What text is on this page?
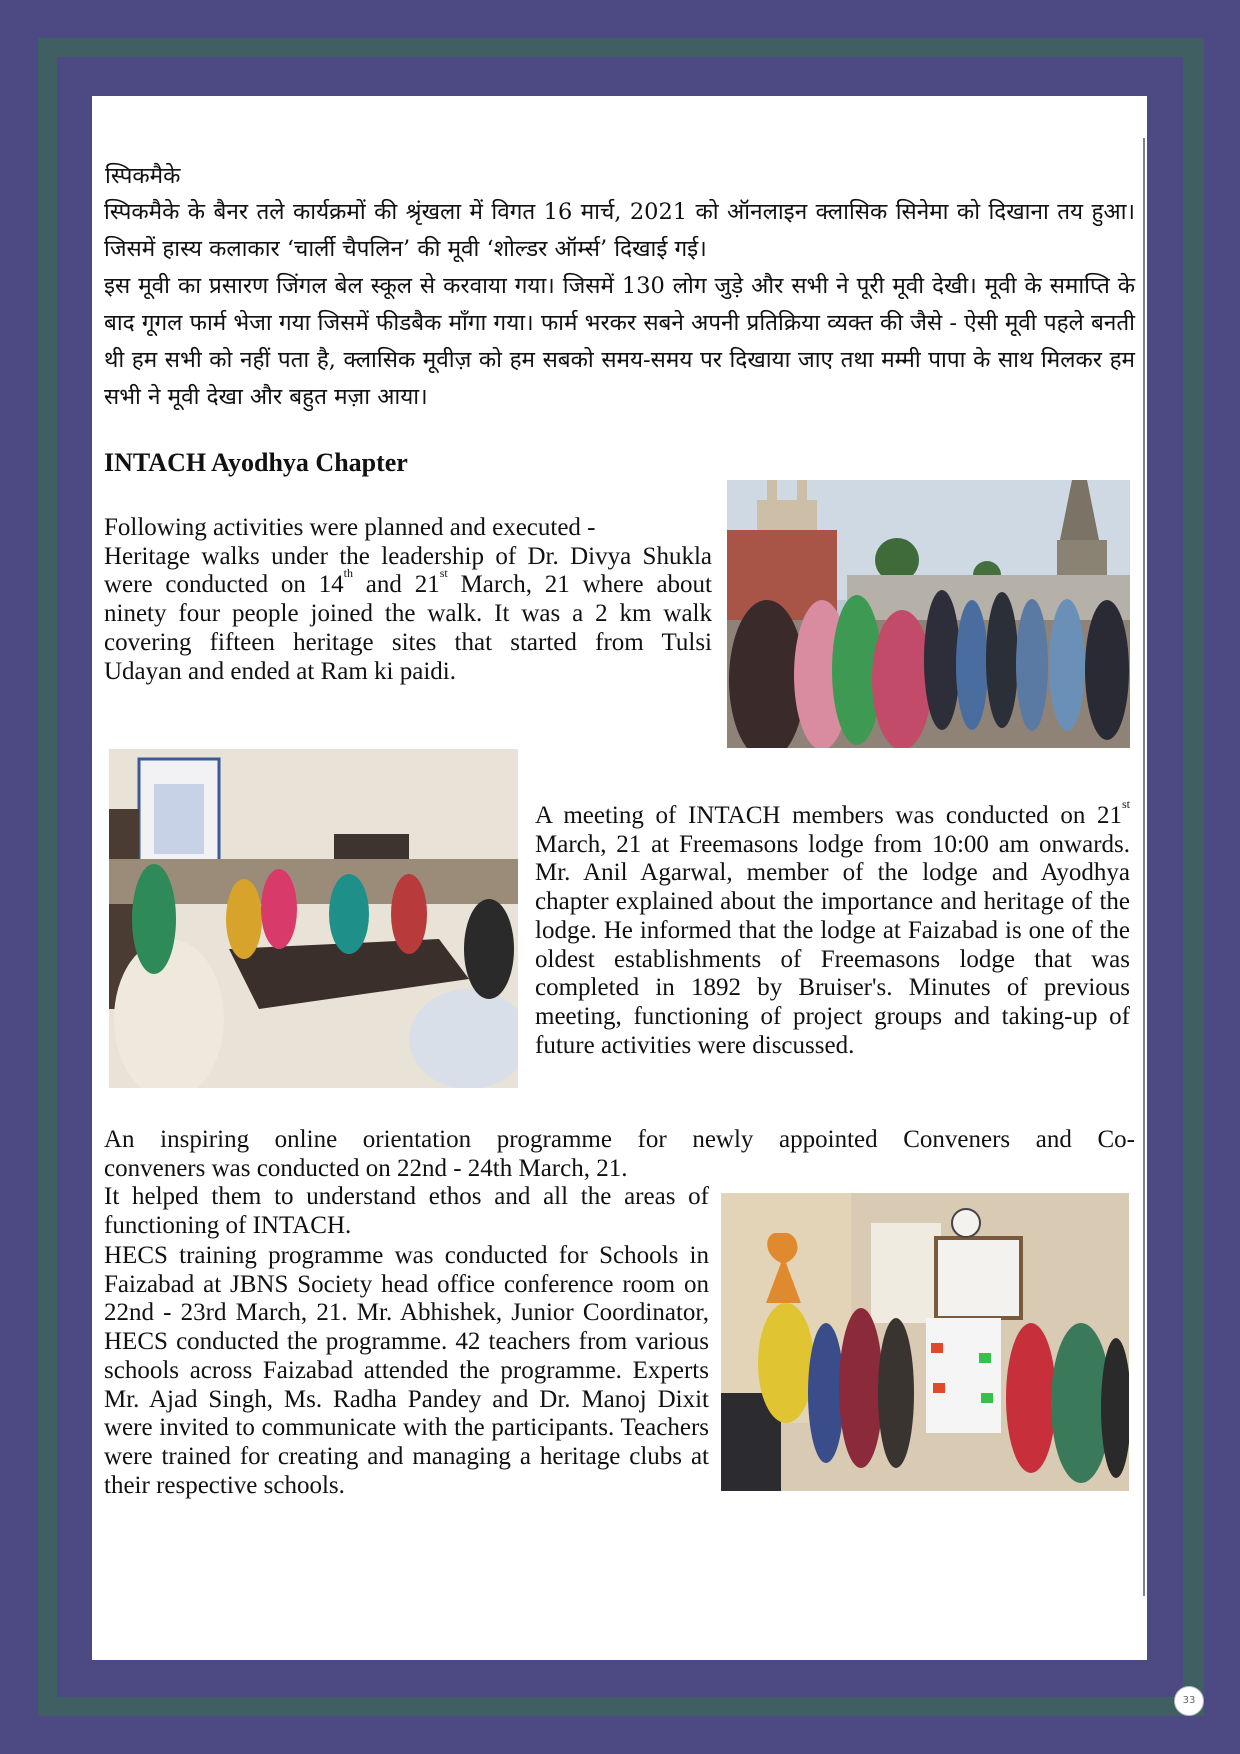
स्पिकमैके

स्पिकमैके के बैनर तले कार्यक्रमों की श्रृंखला में विगत 16 मार्च, 2021 को ऑनलाइन क्लासिक सिनेमा को दिखाना तय हुआ। जिसमें हास्य कलाकार ‘चार्ली चैपलिन’ की मूवी ‘शोल्डर ऑर्म्स’ दिखाई गई।

इस मूवी का प्रसारण जिंगल बेल स्कूल से करवाया गया। जिसमें 130 लोग जुड़े और सभी ने पूरी मूवी देखी। मूवी के समाप्ति के बाद गूगल फार्म भेजा गया जिसमें फीडबैक माँगा गया। फार्म भरकर सबने अपनी प्रतिक्रिया व्यक्त की जैसे - ऐसी मूवी पहले बनती थी हम सभी को नहीं पता है, क्लासिक मूवीज़ को हम सबको समय-समय पर दिखाया जाए तथा मम्मी पापा के साथ मिलकर हम सभी ने मूवी देखा और बहुत मज़ा आया।

INTACH Ayodhya Chapter

Following activities were planned and executed -
Heritage walks under the leadership of Dr. Divya Shukla were conducted on 14th and 21st March, 21 where about ninety four people joined the walk. It was a 2 km walk covering fifteen heritage sites that started from Tulsi Udayan and ended at Ram ki paidi.
A meeting of INTACH members was conducted on 21st March, 21 at Freemasons lodge from 10:00 am onwards. Mr. Anil Agarwal, member of the lodge and Ayodhya chapter explained about the importance and heritage of the lodge. He informed that the lodge at Faizabad is one of the oldest establishments of Freemasons lodge that was completed in 1892 by Bruiser's. Minutes of previous meeting, functioning of project groups and taking-up of future activities were discussed.
An inspiring online orientation programme for newly appointed Conveners and Co-
conveners was conducted on 22nd - 24th March, 21.
It helped them to understand ethos and all the areas of functioning of INTACH.
HECS training programme was conducted for Schools in Faizabad at JBNS Society head office conference room on 22nd - 23rd March, 21. Mr. Abhishek, Junior Coordinator, HECS conducted the programme. 42 teachers from various schools across Faizabad attended the programme. Experts Mr. Ajad Singh, Ms. Radha Pandey and Dr. Manoj Dixit were invited to communicate with the participants. Teachers were trained for creating and managing a heritage clubs at their respective schools.
33
